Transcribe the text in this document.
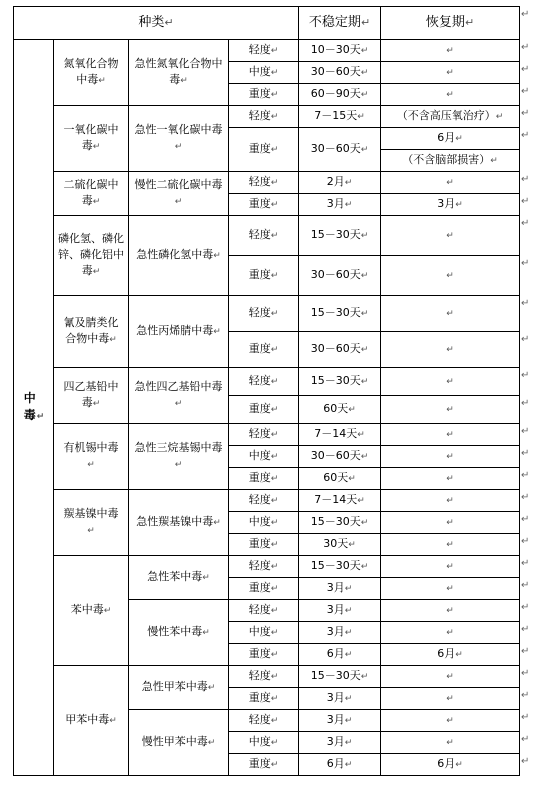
种类↵				不稳定期↵	恢复期↵
中毒↵	氮氧化合物中毒↵	急性氮氧化合物中毒↵	轻度↵	10－30天↵	↵
			中度↵	30－60天↵	↵
			重度↵	60－90天↵	↵

	一氧化碳中毒↵	急性一氧化碳中毒↵	轻度↵	7－15天↵	（不含高压氧治疗）↵
			重度↵	30－60天↵	6月↵
（不含脑部损害）↵

	二硫化碳中毒↵	慢性二硫化碳中毒↵	轻度↵	2月↵	↵
			重度↵	3月↵	3月↵

	磷化氢、磷化锌、磷化铝中毒↵	急性磷化氢中毒↵	轻度↵	15－30天↵	↵
			重度↵	30－60天↵	↵

	氰及腈类化合物中毒↵	急性丙烯腈中毒↵	轻度↵	15－30天↵	↵
			重度↵	30－60天↵	↵

	四乙基铅中毒↵	急性四乙基铅中毒↵	轻度↵	15－30天↵	↵
			重度↵	60天↵	↵

	有机锡中毒↵	急性三烷基锡中毒↵	轻度↵	7－14天↵	↵
			中度↵	30－60天↵	↵
			重度↵	60天↵	↵

	羰基镍中毒↵	急性羰基镍中毒↵	轻度↵	7－14天↵	↵
			中度↵	15－30天↵	↵
			重度↵	30天↵	↵

	苯中毒↵	急性苯中毒↵	轻度↵	15－30天↵	↵
			重度↵	3月↵	↵

		慢性苯中毒↵	轻度↵	3月↵	↵
			中度↵	3月↵	↵
			重度↵	6月↵	6月↵

	甲苯中毒↵	急性甲苯中毒↵	轻度↵	15－30天↵	↵
			重度↵	3月↵	↵

		慢性甲苯中毒↵	轻度↵	3月↵	↵
			中度↵	3月↵	↵
			重度↵	6月↵	6月↵
↵
↵
↵
↵
↵
↵
↵
↵
↵
↵
↵
↵
↵
↵
↵
↵
↵
↵
↵
↵
↵
↵
↵
↵
↵
↵
↵
↵
↵
↵
